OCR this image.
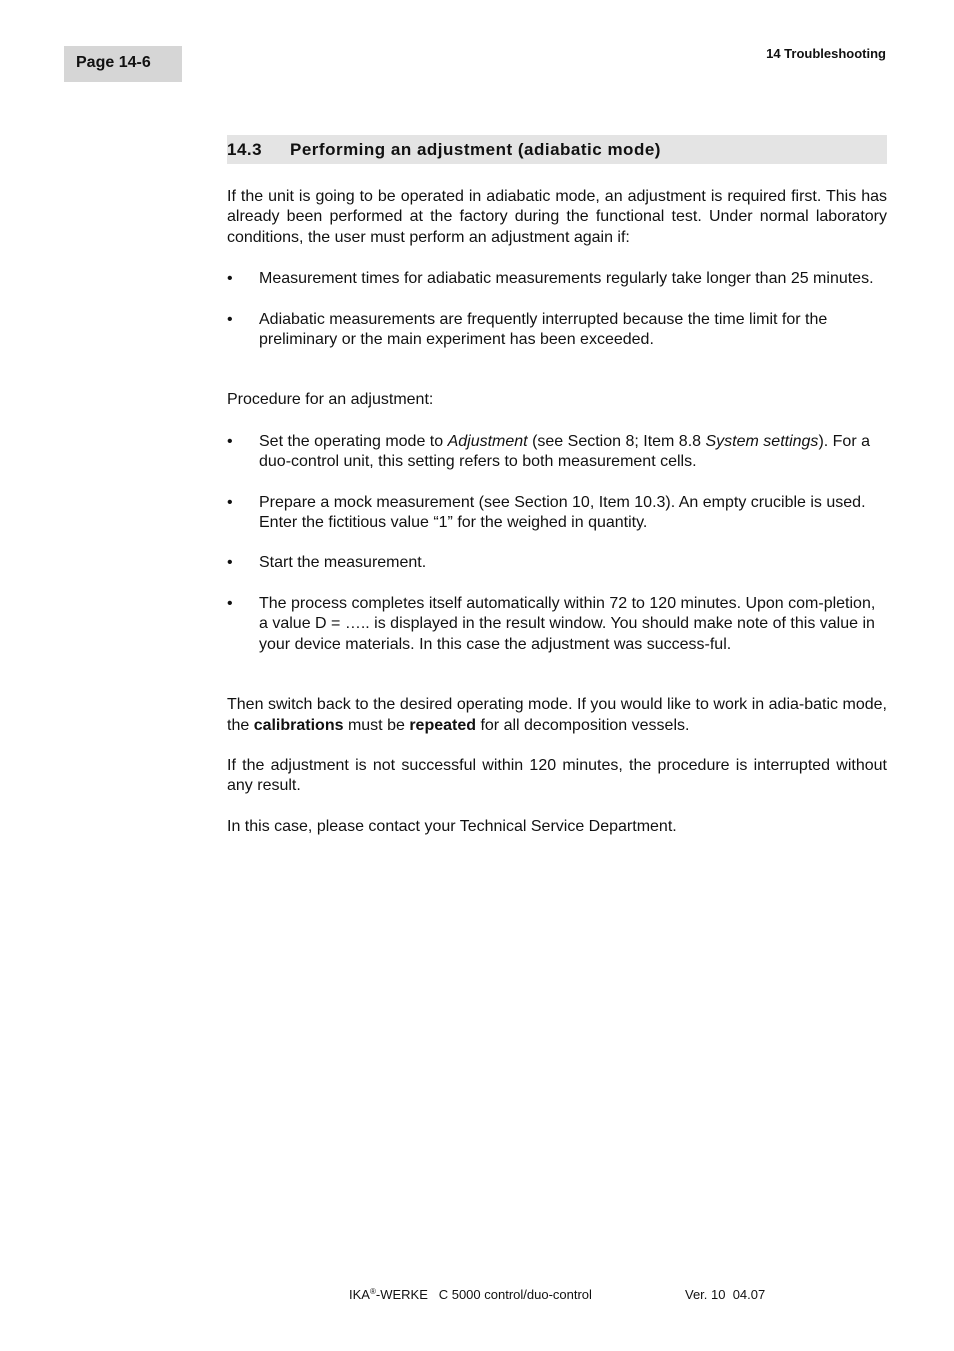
Page 14-6
14 Troubleshooting
14.3 Performing an adjustment (adiabatic mode)

If the unit is going to be operated in adiabatic mode, an adjustment is required first. This has already been performed at the factory during the functional test. Under normal laboratory conditions, the user must perform an adjustment again if:

• Measurement times for adiabatic measurements regularly take longer than 25 minutes.
• Adiabatic measurements are frequently interrupted because the time limit for the preliminary or the main experiment has been exceeded.

Procedure for an adjustment:

• Set the operating mode to Adjustment (see Section 8; Item 8.8 System settings). For a duo-control unit, this setting refers to both measurement cells.
• Prepare a mock measurement (see Section 10, Item 10.3). An empty crucible is used. Enter the fictitious value “1” for the weighed in quantity.
• Start the measurement.
• The process completes itself automatically within 72 to 120 minutes. Upon com-pletion, a value D = ….. is displayed in the result window. You should make note of this value in your device materials. In this case the adjustment was success-ful.

Then switch back to the desired operating mode. If you would like to work in adia-batic mode, the calibrations must be repeated for all decomposition vessels.

If the adjustment is not successful within 120 minutes, the procedure is interrupted without any result.

In this case, please contact your Technical Service Department.

IKA®-WERKE   C 5000 control/duo-control	Ver. 10  04.07
